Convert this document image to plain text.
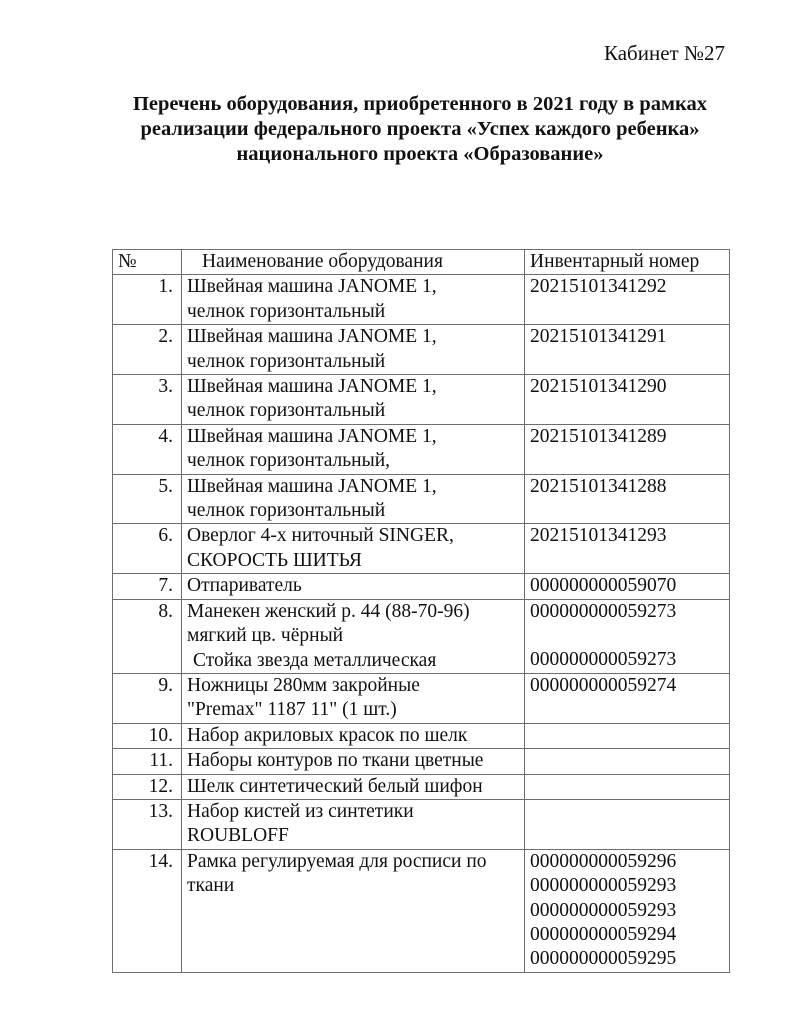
Кабинет №27
Перечень оборудования, приобретенного в 2021 году в рамках
реализации федерального проекта «Успех каждого ребенка»
национального проекта «Образование»
№	Наименование оборудования	Инвентарный номер
1.	Швейная машина JANOME 1,
челнок горизонтальный	20215101341292

2.	Швейная машина JANOME 1,
челнок горизонтальный	20215101341291

3.	Швейная машина JANOME 1,
челнок горизонтальный	20215101341290

4.	Швейная машина JANOME 1,
челнок горизонтальный,	20215101341289

5.	Швейная машина JANOME 1,
челнок горизонтальный	20215101341288

6.	Оверлог 4-х ниточный SINGER,
СКОРОСТЬ ШИТЬЯ	20215101341293

7.	Отпариватель	000000000059070

8.	Манекен женский р. 44 (88-70-96)
мягкий цв. чёрный
Стойка звезда металлическая	000000000059273
000000000059273

9.	Ножницы 280мм закройные
"Premax" 1187 11" (1 шт.)	000000000059274

10.	Набор акриловых красок по шелк	

11.	Наборы контуров по ткани цветные	

12.	Шелк синтетический белый шифон	

13.	Набор кистей из синтетики
ROUBLOFF	

14.	Рамка регулируемая для росписи по
ткани	000000000059296
000000000059293
000000000059293
000000000059294
000000000059295
